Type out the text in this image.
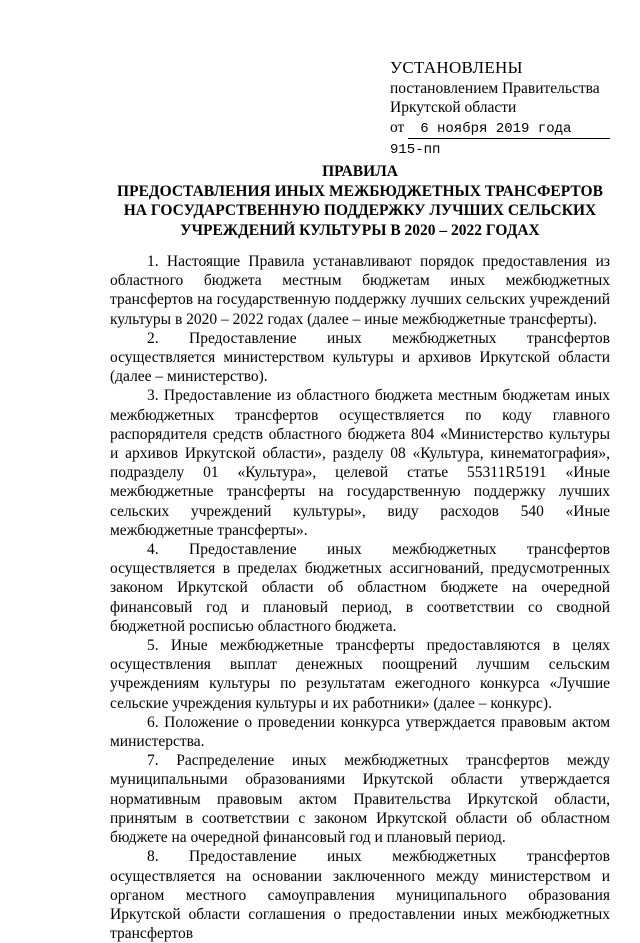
УСТАНОВЛЕНЫ
постановлением Правительства
Иркутской области
от 6 ноября 2019 года
915-пп
ПРАВИЛА
ПРЕДОСТАВЛЕНИЯ ИНЫХ МЕЖБЮДЖЕТНЫХ ТРАНСФЕРТОВ
НА ГОСУДАРСТВЕННУЮ ПОДДЕРЖКУ ЛУЧШИХ СЕЛЬСКИХ
УЧРЕЖДЕНИЙ КУЛЬТУРЫ В 2020 – 2022 ГОДАХ

1. Настоящие Правила устанавливают порядок предоставления из областного бюджета местным бюджетам иных межбюджетных трансфертов на государственную поддержку лучших сельских учреждений культуры в 2020 – 2022 годах (далее – иные межбюджетные трансферты).

2. Предоставление иных межбюджетных трансфертов осуществляется министерством культуры и архивов Иркутской области (далее – министерство).

3. Предоставление из областного бюджета местным бюджетам иных межбюджетных трансфертов осуществляется по коду главного распорядителя средств областного бюджета 804 «Министерство культуры и архивов Иркутской области», разделу 08 «Культура, кинематография», подразделу 01 «Культура», целевой статье 55311R5191 «Иные межбюджетные трансферты на государственную поддержку лучших сельских учреждений культуры», виду расходов 540 «Иные межбюджетные трансферты».

4. Предоставление иных межбюджетных трансфертов осуществляется в пределах бюджетных ассигнований, предусмотренных законом Иркутской области об областном бюджете на очередной финансовый год и плановый период, в соответствии со сводной бюджетной росписью областного бюджета.

5. Иные межбюджетные трансферты предоставляются в целях осуществления выплат денежных поощрений лучшим сельским учреждениям культуры по результатам ежегодного конкурса «Лучшие сельские учреждения культуры и их работники» (далее – конкурс).

6. Положение о проведении конкурса утверждается правовым актом министерства.

7. Распределение иных межбюджетных трансфертов между муниципальными образованиями Иркутской области утверждается нормативным правовым актом Правительства Иркутской области, принятым в соответствии с законом Иркутской области об областном бюджете на очередной финансовый год и плановый период.

8. Предоставление иных межбюджетных трансфертов осуществляется на основании заключенного между министерством и органом местного самоуправления муниципального образования Иркутской области соглашения о предоставлении иных межбюджетных трансфертов
